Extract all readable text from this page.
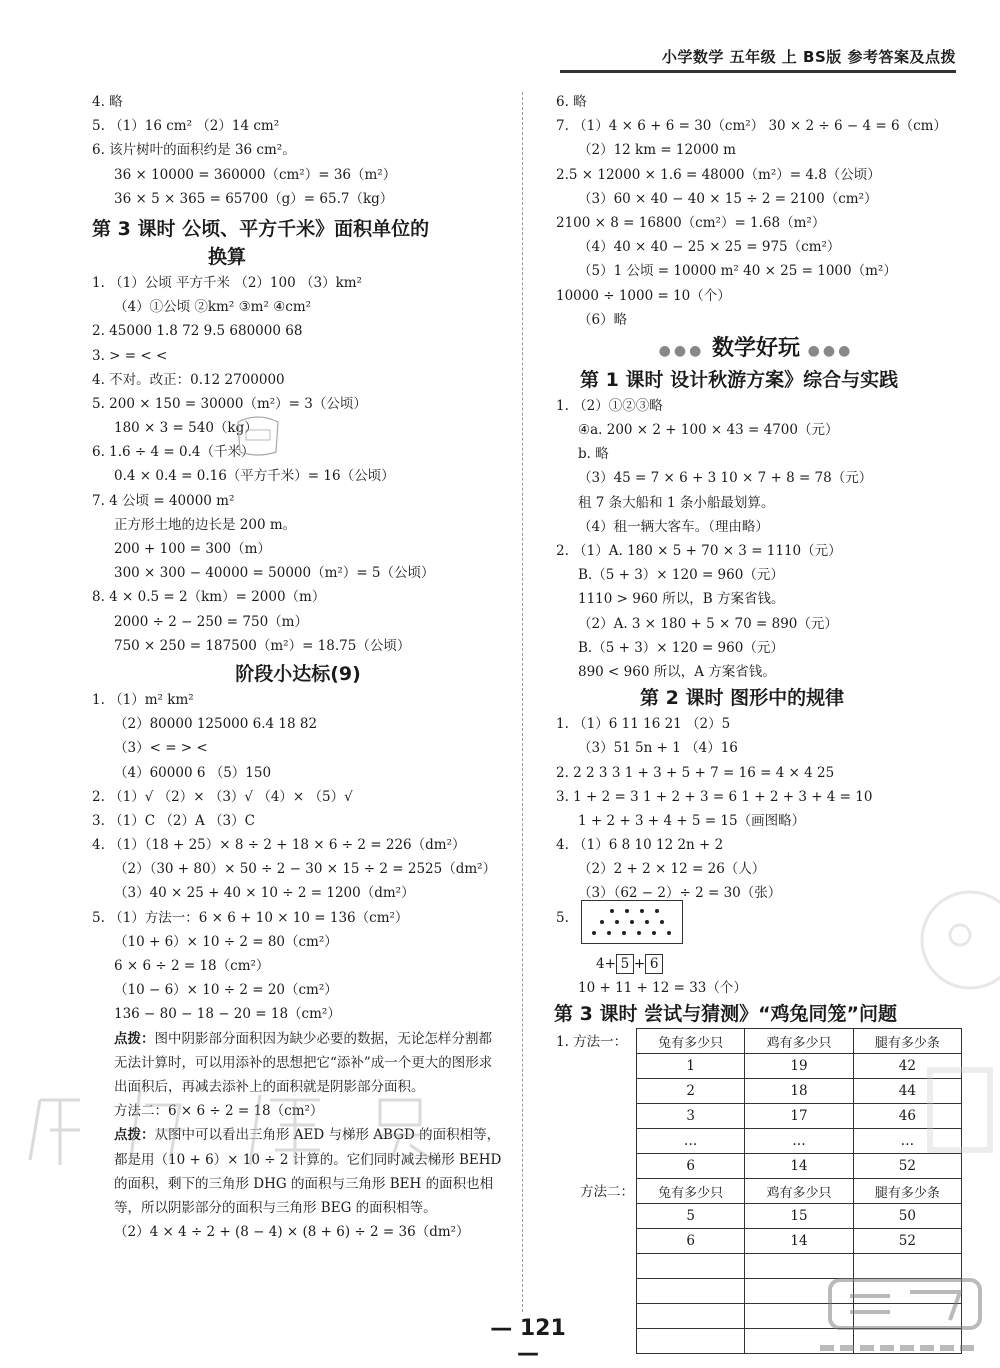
小学数学 五年级 上 BS版 参考答案及点拨
4. 略
5. （1）16 cm² （2）14 cm²
6. 该片树叶的面积约是 36 cm²。
36 × 10000 = 360000（cm²）= 36（m²）
36 × 5 × 365 = 65700（g）= 65.7（kg）
第 3 课时 公顷、平方千米》面积单位的
换算
1. （1）公顷 平方千米 （2）100 （3）km²
（4）①公顷 ②km² ③m² ④cm²
2. 45000 1.8 72 9.5 680000 68
3. > = < <
4. 不对。改正：0.12 2700000
5. 200 × 150 = 30000（m²）= 3（公顷）
180 × 3 = 540（kg）
6. 1.6 ÷ 4 = 0.4（千米）
0.4 × 0.4 = 0.16（平方千米）= 16（公顷）
7. 4 公顷 = 40000 m²
正方形土地的边长是 200 m。
200 + 100 = 300（m）
300 × 300 − 40000 = 50000（m²）= 5（公顷）
8. 4 × 0.5 = 2（km）= 2000（m）
2000 ÷ 2 − 250 = 750（m）
750 × 250 = 187500（m²）= 18.75（公顷）
阶段小达标(9)
1. （1）m² km²
（2）80000 125000 6.4 18 82
（3）< = > <
（4）60000 6 （5）150
2. （1）√ （2）× （3）√ （4）× （5）√
3. （1）C （2）A （3）C
4. （1）（18 + 25）× 8 ÷ 2 + 18 × 6 ÷ 2 = 226（dm²）
（2）（30 + 80）× 50 ÷ 2 − 30 × 15 ÷ 2 = 2525（dm²）
（3）40 × 25 + 40 × 10 ÷ 2 = 1200（dm²）
5. （1）方法一：6 × 6 + 10 × 10 = 136（cm²）
（10 + 6）× 10 ÷ 2 = 80（cm²）
6 × 6 ÷ 2 = 18（cm²）
（10 − 6）× 10 ÷ 2 = 20（cm²）
136 − 80 − 18 − 20 = 18（cm²）
点拨：图中阴影部分面积因为缺少必要的数据，无论怎样分割都无法计算时，可以用添补的思想把它“添补”成一个更大的图形求出面积后，再减去添补上的面积就是阴影部分面积。
方法二：6 × 6 ÷ 2 = 18（cm²）
点拨：从图中可以看出三角形 AED 与梯形 ABGD 的面积相等，都是用（10 + 6）× 10 ÷ 2 计算的。它们同时减去梯形 BEHD 的面积，剩下的三角形 DHG 的面积与三角形 BEH 的面积也相等，所以阴影部分的面积与三角形 BEG 的面积相等。
（2）4 × 4 ÷ 2 + (8 − 4) × (8 + 6) ÷ 2 = 36（dm²）
6. 略
7. （1）4 × 6 + 6 = 30（cm²） 30 × 2 ÷ 6 − 4 = 6（cm）
（2）12 km = 12000 m
2.5 × 12000 × 1.6 = 48000（m²）= 4.8（公顷）
（3）60 × 40 − 40 × 15 ÷ 2 = 2100（cm²）
2100 × 8 = 16800（cm²）= 1.68（m²）
（4）40 × 40 − 25 × 25 = 975（cm²）
（5）1 公顷 = 10000 m² 40 × 25 = 1000（m²）
10000 ÷ 1000 = 10（个）
（6）略
●●● 数学好玩 ●●●
第 1 课时 设计秋游方案》综合与实践
1. （2）①②③略
④a. 200 × 2 + 100 × 43 = 4700（元）
b. 略
（3）45 = 7 × 6 + 3 10 × 7 + 8 = 78（元）
租 7 条大船和 1 条小船最划算。
（4）租一辆大客车。（理由略）
2. （1）A. 180 × 5 + 70 × 3 = 1110（元）
B.（5 + 3）× 120 = 960（元）
1110 > 960 所以，B 方案省钱。
（2）A. 3 × 180 + 5 × 70 = 890（元）
B.（5 + 3）× 120 = 960（元）
890 < 960 所以，A 方案省钱。
第 2 课时 图形中的规律
1. （1）6 11 16 21 （2）5
（3）51 5n + 1 （4）16
2. 2 2 3 3 1 + 3 + 5 + 7 = 16 = 4 × 4 25
3. 1 + 2 = 3 1 + 2 + 3 = 6 1 + 2 + 3 + 4 = 10
1 + 2 + 3 + 4 + 5 = 15（画图略）
4. （1）6 8 10 12 2n + 2
（2）2 + 2 × 12 = 26（人）
（3）（62 − 2）÷ 2 = 30（张）
5.
4+ 5 + 6
10 + 11 + 12 = 33（个）
第 3 课时 尝试与猜测》“鸡兔同笼”问题
1. 方法一： 兔有多少只	鸡有多少只	腿有多少条
1	19	42
2	18	44
3	17	46
…	…	…
6	14	52
方法二： 兔有多少只	鸡有多少只	腿有多少条
5	15	50
6	14	52

— 121 —
